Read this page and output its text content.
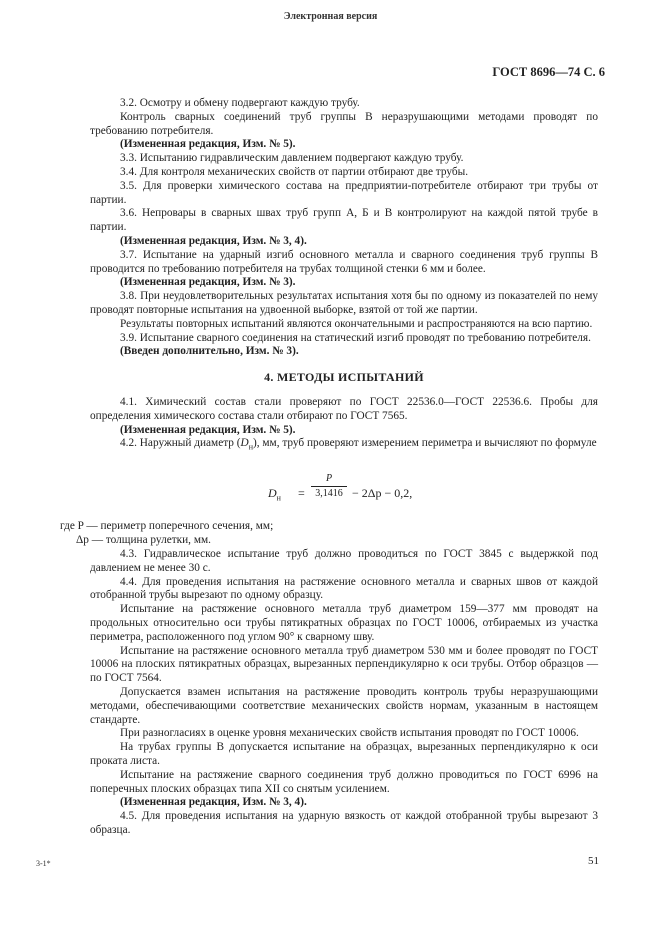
Электронная версия
ГОСТ 8696—74 С. 6

3.2. Осмотру и обмену подвергают каждую трубу.

Контроль сварных соединений труб группы В неразрушающими методами проводят по требованию потребителя.

(Измененная редакция, Изм. № 5).

3.3. Испытанию гидравлическим давлением подвергают каждую трубу.

3.4. Для контроля механических свойств от партии отбирают две трубы.

3.5. Для проверки химического состава на предприятии-потребителе отбирают три трубы от партии.

3.6. Непровары в сварных швах труб групп А, Б и В контролируют на каждой пятой трубе в партии.

(Измененная редакция, Изм. № 3, 4).

3.7. Испытание на ударный изгиб основного металла и сварного соединения труб группы В проводится по требованию потребителя на трубах толщиной стенки 6 мм и более.

(Измененная редакция, Изм. № 3).

3.8. При неудовлетворительных результатах испытания хотя бы по одному из показателей по нему проводят повторные испытания на удвоенной выборке, взятой от той же партии.

Результаты повторных испытаний являются окончательными и распространяются на всю партию.

3.9. Испытание сварного соединения на статический изгиб проводят по требованию потребителя.

(Введен дополнительно, Изм. № 3).

4. МЕТОДЫ ИСПЫТАНИЙ

4.1. Химический состав стали проверяют по ГОСТ 22536.0—ГОСТ 22536.6. Пробы для определения химического состава стали отбирают по ГОСТ 7565.

(Измененная редакция, Изм. № 5).

4.2. Наружный диаметр $(D_н)$, мм, труб проверяют измерением периметра и вычисляют по формуле

$D_н = \frac{P}{3,1416} - 2\Delta p - 0,2$,

где P — периметр поперечного сечения, мм;

Δp — толщина рулетки, мм.

4.3. Гидравлическое испытание труб должно проводиться по ГОСТ 3845 с выдержкой под давлением не менее 30 с.

4.4. Для проведения испытания на растяжение основного металла и сварных швов от каждой отобранной трубы вырезают по одному образцу.

Испытание на растяжение основного металла труб диаметром 159—377 мм проводят на продольных относительно оси трубы пятикратных образцах по ГОСТ 10006, отбираемых из участка периметра, расположенного под углом 90° к сварному шву.

Испытание на растяжение основного металла труб диаметром 530 мм и более проводят по ГОСТ 10006 на плоских пятикратных образцах, вырезанных перпендикулярно к оси трубы. Отбор образцов — по ГОСТ 7564.

Допускается взамен испытания на растяжение проводить контроль трубы неразрушающими методами, обеспечивающими соответствие механических свойств нормам, указанным в настоящем стандарте.

При разногласиях в оценке уровня механических свойств испытания проводят по ГОСТ 10006.

На трубах группы В допускается испытание на образцах, вырезанных перпендикулярно к оси проката листа.

Испытание на растяжение сварного соединения труб должно проводиться по ГОСТ 6996 на поперечных плоских образцах типа XII со снятым усилением.

(Измененная редакция, Изм. № 3, 4).

4.5. Для проведения испытания на ударную вязкость от каждой отобранной трубы вырезают 3 образца.

3-1*	51
